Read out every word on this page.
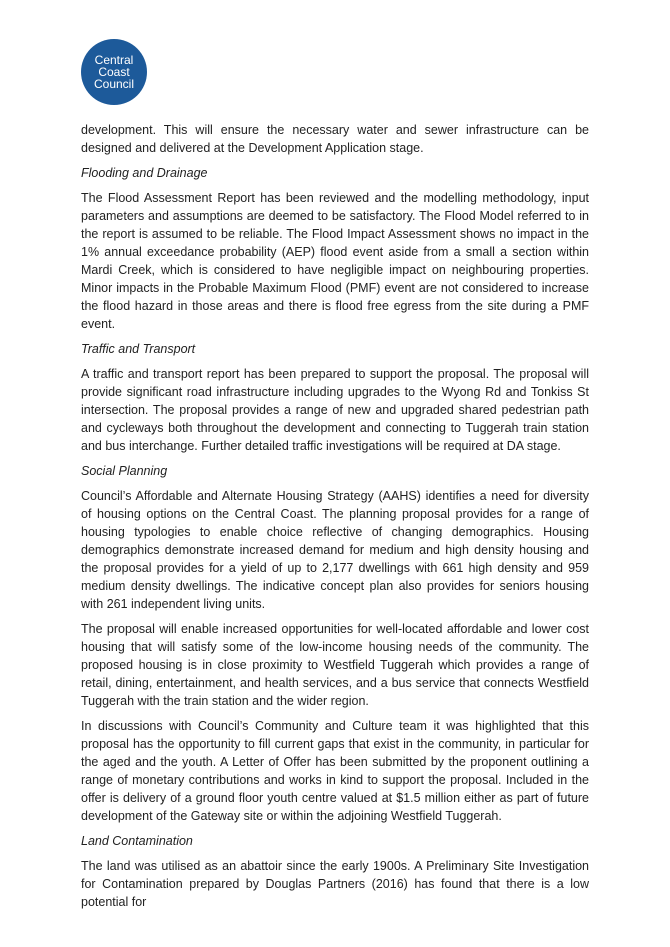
Central
Coast
Council

development. This will ensure the necessary water and sewer infrastructure can be designed and delivered at the Development Application stage.

Flooding and Drainage

The Flood Assessment Report has been reviewed and the modelling methodology, input parameters and assumptions are deemed to be satisfactory. The Flood Model referred to in the report is assumed to be reliable. The Flood Impact Assessment shows no impact in the 1% annual exceedance probability (AEP) flood event aside from a small a section within Mardi Creek, which is considered to have negligible impact on neighbouring properties. Minor impacts in the Probable Maximum Flood (PMF) event are not considered to increase the flood hazard in those areas and there is flood free egress from the site during a PMF event.

Traffic and Transport

A traffic and transport report has been prepared to support the proposal. The proposal will provide significant road infrastructure including upgrades to the Wyong Rd and Tonkiss St intersection. The proposal provides a range of new and upgraded shared pedestrian path and cycleways both throughout the development and connecting to Tuggerah train station and bus interchange. Further detailed traffic investigations will be required at DA stage.

Social Planning

Council’s Affordable and Alternate Housing Strategy (AAHS) identifies a need for diversity of housing options on the Central Coast. The planning proposal provides for a range of housing typologies to enable choice reflective of changing demographics. Housing demographics demonstrate increased demand for medium and high density housing and the proposal provides for a yield of up to 2,177 dwellings with 661 high density and 959 medium density dwellings. The indicative concept plan also provides for seniors housing with 261 independent living units.

The proposal will enable increased opportunities for well-located affordable and lower cost housing that will satisfy some of the low-income housing needs of the community. The proposed housing is in close proximity to Westfield Tuggerah which provides a range of retail, dining, entertainment, and health services, and a bus service that connects Westfield Tuggerah with the train station and the wider region.

In discussions with Council’s Community and Culture team it was highlighted that this proposal has the opportunity to fill current gaps that exist in the community, in particular for the aged and the youth. A Letter of Offer has been submitted by the proponent outlining a range of monetary contributions and works in kind to support the proposal. Included in the offer is delivery of a ground floor youth centre valued at $1.5 million either as part of future development of the Gateway site or within the adjoining Westfield Tuggerah.

Land Contamination

The land was utilised as an abattoir since the early 1900s. A Preliminary Site Investigation for Contamination prepared by Douglas Partners (2016) has found that there is a low potential for
